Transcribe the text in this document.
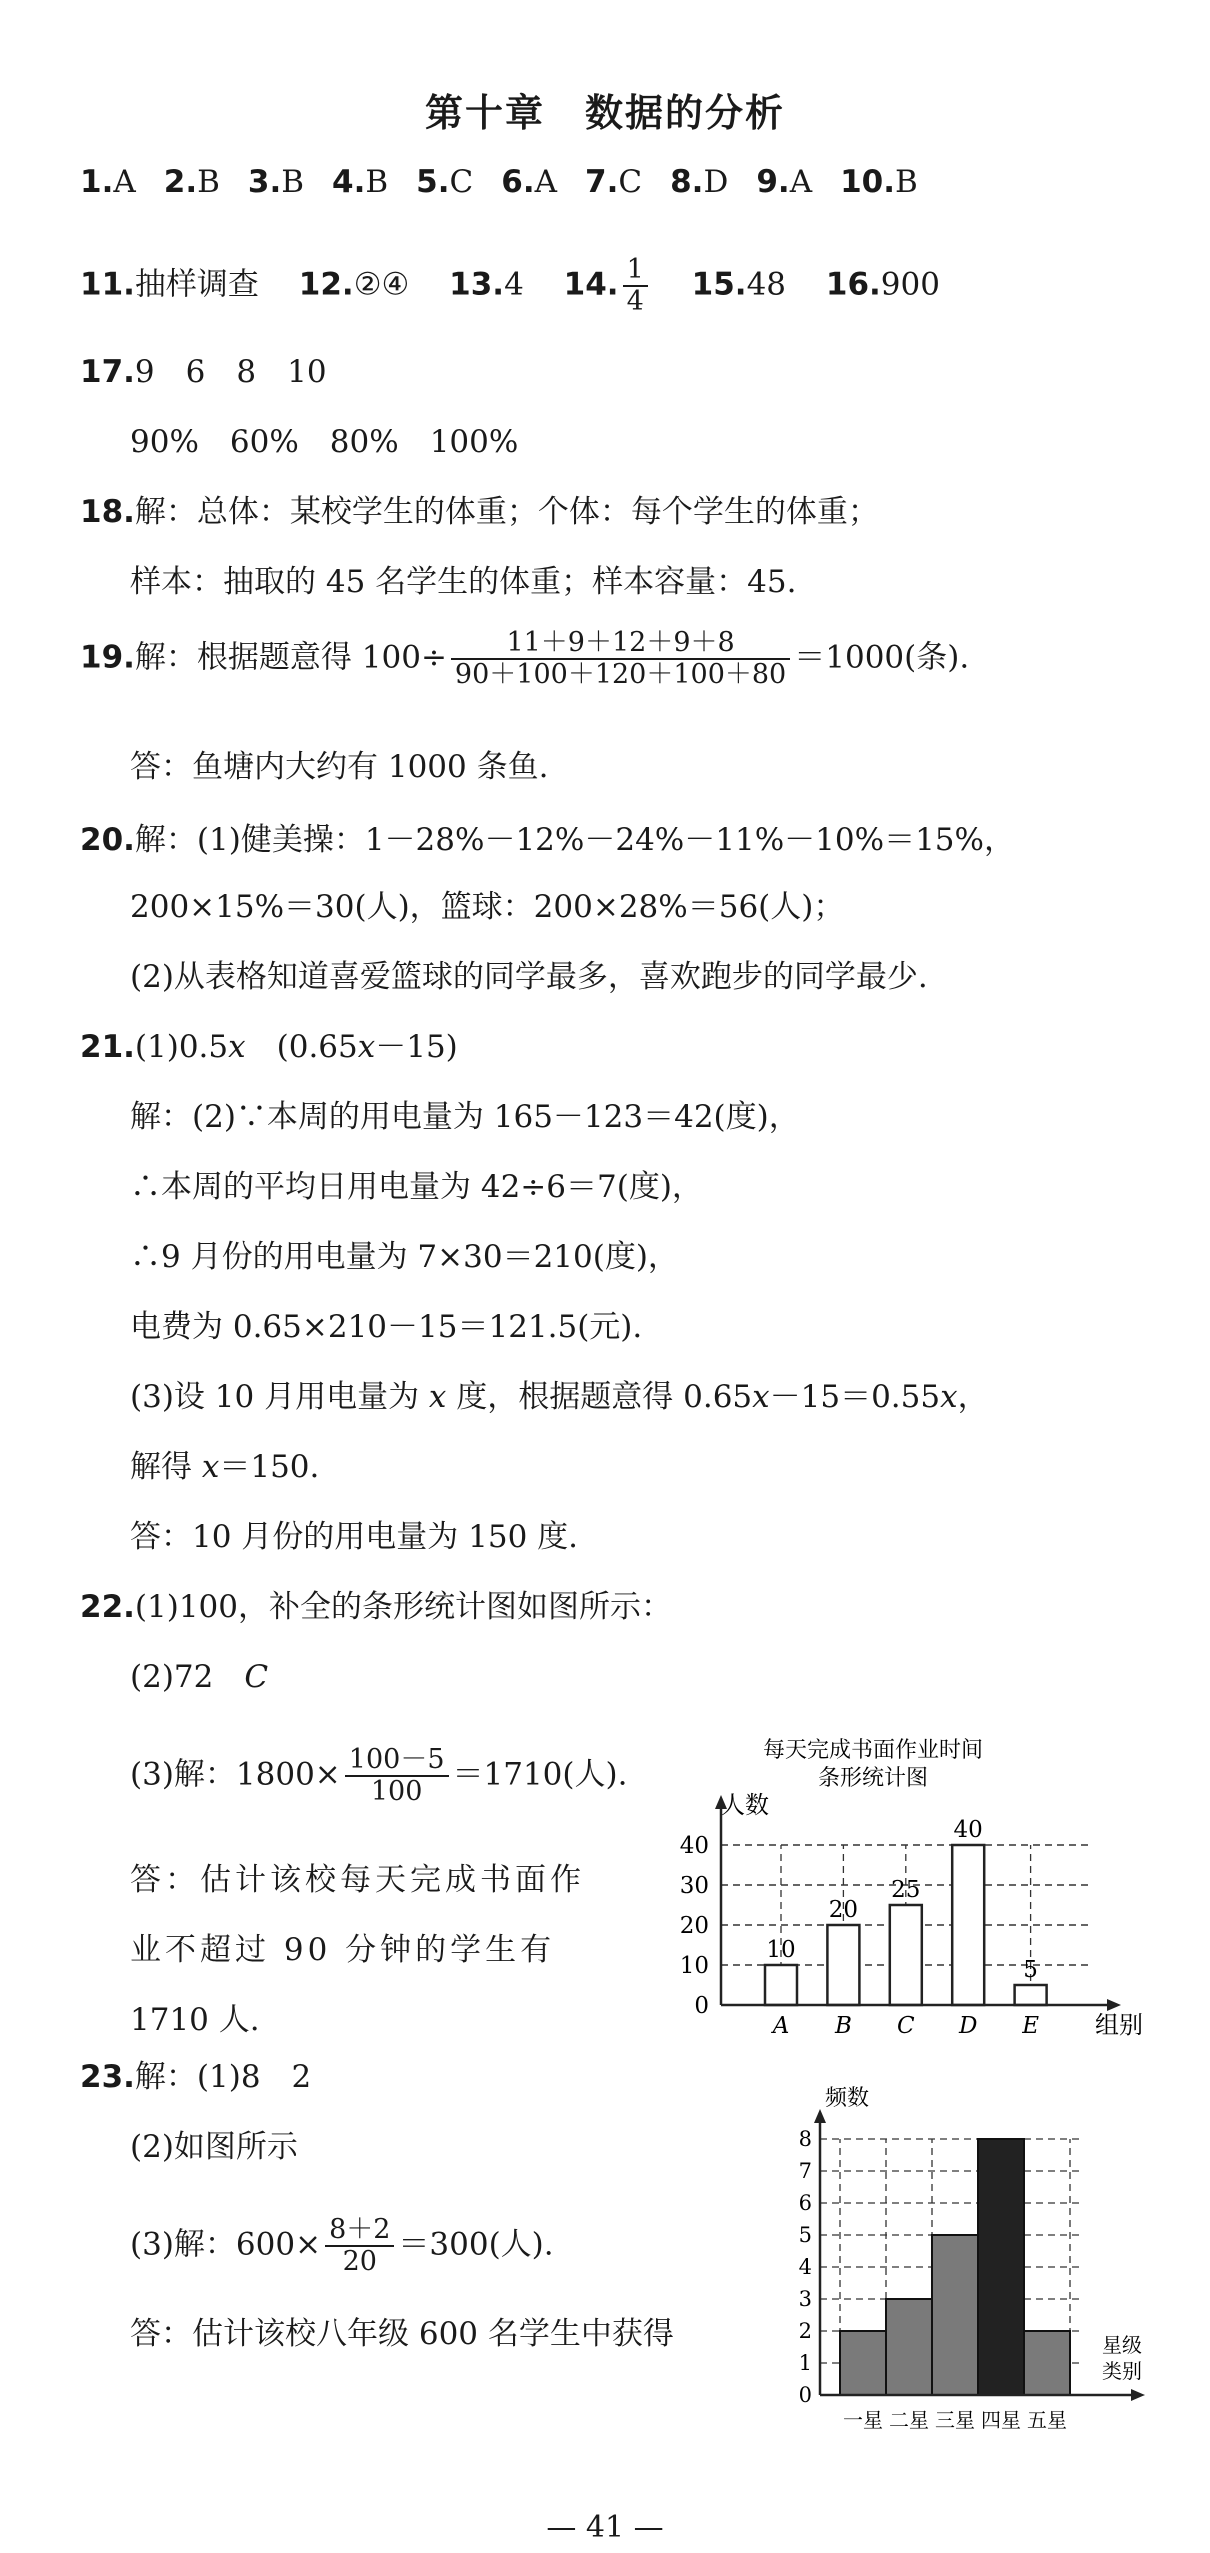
第十章　数据的分析
1.A 2.B 3.B 4.B 5.C 6.A 7.C 8.D 9.A 10.B
11.抽样调查 12.②④ 13.4 14. $\frac{1}{4} 15.48$ 16.900
17.9　6　8　10
90%　60%　80%　100%
18.解：总体：某校学生的体重；个体：每个学生的体重；
样本：抽取的 45 名学生的体重；样本容量：45.
19.解：根据题意得 $100\div \frac{11+9+12+9+8}{90+100+120+100+80} =1000$(条).
答：鱼塘内大约有 1000 条鱼.
20.解：(1)健美操：1－28%－12%－24%－11%－10%＝15%，
200×15%＝30(人)，篮球：200×28%＝56(人)；
(2)从表格知道喜爱篮球的同学最多，喜欢跑步的同学最少.
21.(1)0.5x　(0.65x－15)
解：(2)∵本周的用电量为 165－123＝42(度)，
∴本周的平均日用电量为 42÷6＝7(度)，
∴9 月份的用电量为 7×30＝210(度)，
电费为 0.65×210－15＝121.5(元).
(3)设 10 月用电量为 x 度，根据题意得 0.65x－15＝0.55x，
解得 x＝150.
答：10 月份的用电量为 150 度.
22.(1)100，补全的条形统计图如图所示：
(2)72　C
(3)解：$1800\times \frac{100-5}{100} =1710$(人).
答：估计该校每天完成书面作
业不超过 90 分钟的学生有
1710 人.
每天完成书面作业时间
条形统计图
10
20
25
40
5
0
10
20
30
40
A B C D E
人数
组别
23.解：(1)8　2
(2)如图所示
(3)解：$600\times \frac{8+2}{20} =300$(人).
答：估计该校八年级 600 名学生中获得
0
1
2
3
4
5
6
7
8
一星 二星 三星 四星 五星
频数
星级
类别
— 41 —
